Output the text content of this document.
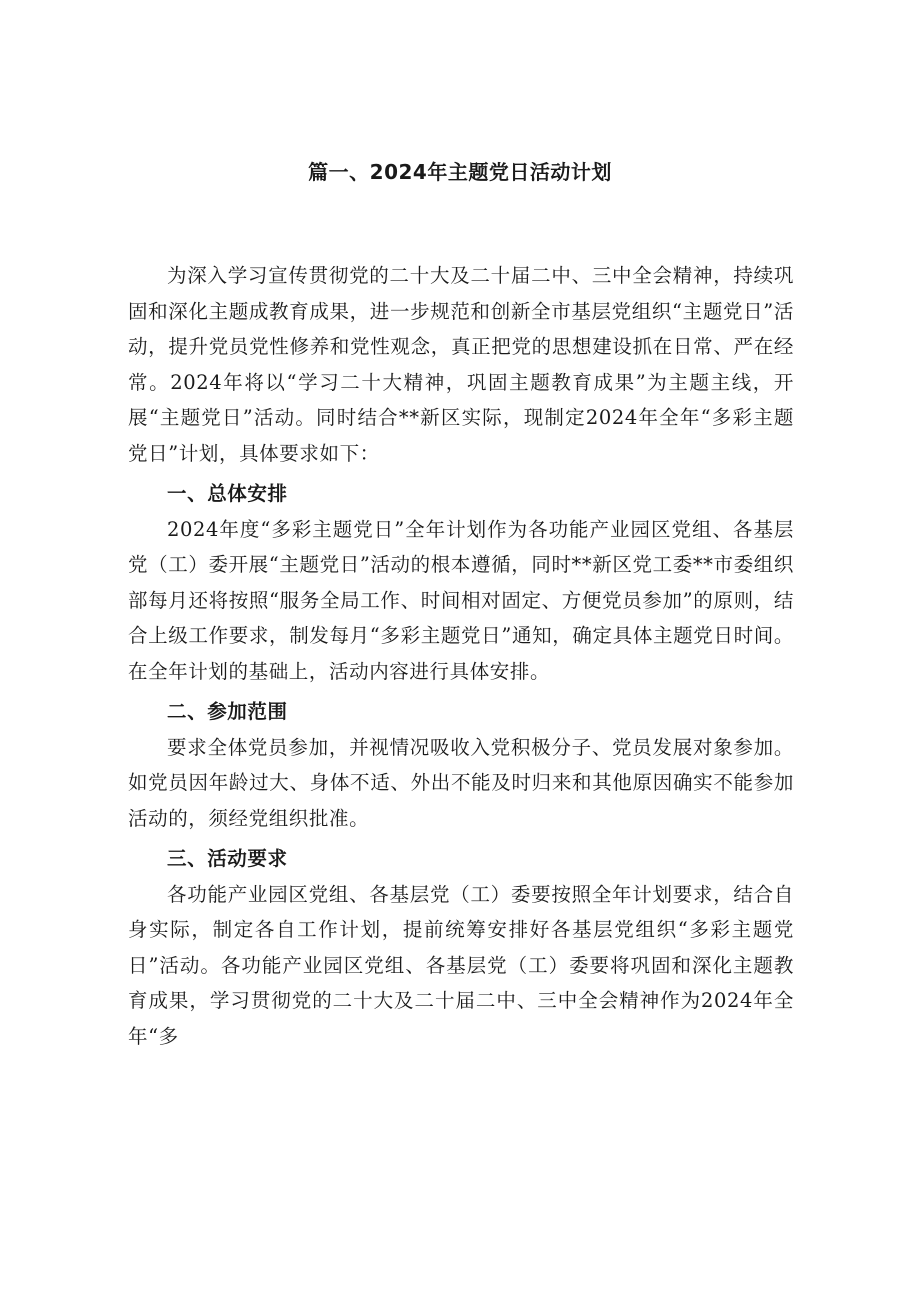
篇一、2024年主题党日活动计划

为深入学习宣传贯彻党的二十大及二十届二中、三中全会精神，持续巩固和深化主题成教育成果，进一步规范和创新全市基层党组织“主题党日”活动，提升党员党性修养和党性观念，真正把党的思想建设抓在日常、严在经常。2024年将以“学习二十大精神，巩固主题教育成果”为主题主线，开展“主题党日”活动。同时结合**新区实际，现制定2024年全年“多彩主题党日”计划，具体要求如下：

一、总体安排

2024年度“多彩主题党日”全年计划作为各功能产业园区党组、各基层党（工）委开展“主题党日”活动的根本遵循，同时**新区党工委**市委组织部每月还将按照“服务全局工作、时间相对固定、方便党员参加”的原则，结合上级工作要求，制发每月“多彩主题党日”通知，确定具体主题党日时间。在全年计划的基础上，活动内容进行具体安排。

二、参加范围

要求全体党员参加，并视情况吸收入党积极分子、党员发展对象参加。如党员因年龄过大、身体不适、外出不能及时归来和其他原因确实不能参加活动的，须经党组织批准。

三、活动要求

各功能产业园区党组、各基层党（工）委要按照全年计划要求，结合自身实际，制定各自工作计划，提前统筹安排好各基层党组织“多彩主题党日”活动。各功能产业园区党组、各基层党（工）委要将巩固和深化主题教育成果，学习贯彻党的二十大及二十届二中、三中全会精神作为2024年全年“多
